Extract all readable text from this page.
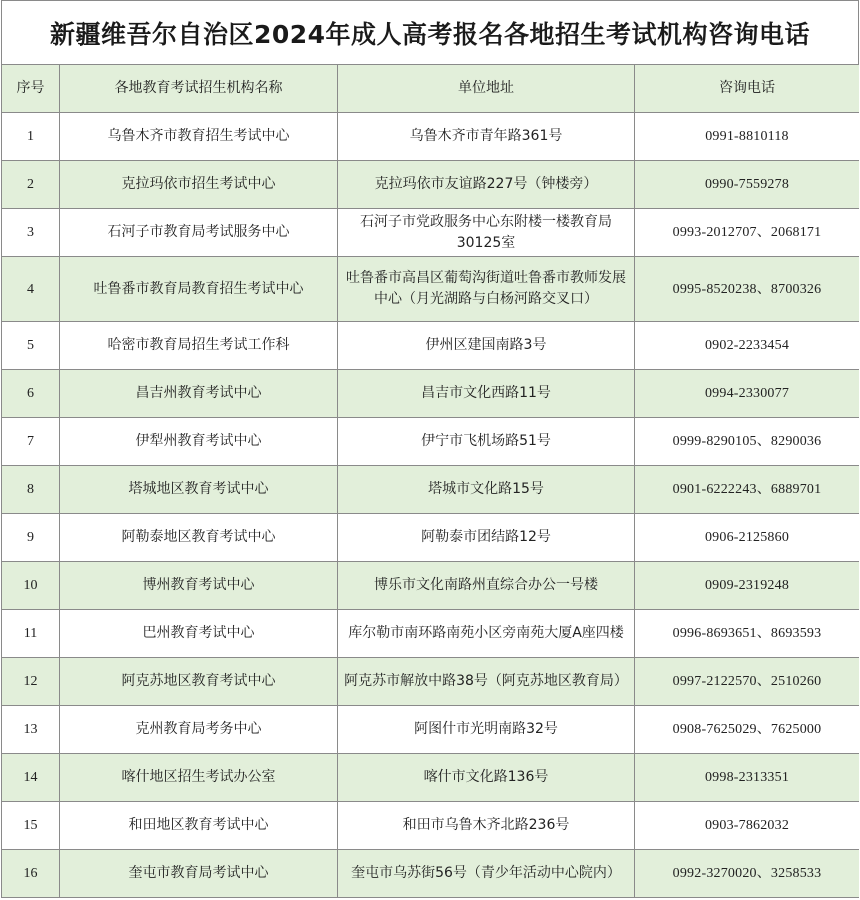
新疆维吾尔自治区2024年成人高考报名各地招生考试机构咨询电话
序号	各地教育考试招生机构名称	单位地址	咨询电话
1	乌鲁木齐市教育招生考试中心	乌鲁木齐市青年路361号	0991-8810118
2	克拉玛依市招生考试中心	克拉玛依市友谊路227号（钟楼旁）	0990-7559278
3	石河子市教育局考试服务中心	石河子市党政服务中心东附楼一楼教育局30125室	0993-2012707、2068171
4	吐鲁番市教育局教育招生考试中心	吐鲁番市高昌区葡萄沟街道吐鲁番市教师发展中心（月光湖路与白杨河路交叉口）	0995-8520238、8700326
5	哈密市教育局招生考试工作科	伊州区建国南路3号	0902-2233454
6	昌吉州教育考试中心	昌吉市文化西路11号	0994-2330077
7	伊犁州教育考试中心	伊宁市飞机场路51号	0999-8290105、8290036
8	塔城地区教育考试中心	塔城市文化路15号	0901-6222243、6889701
9	阿勒泰地区教育考试中心	阿勒泰市团结路12号	0906-2125860
10	博州教育考试中心	博乐市文化南路州直综合办公一号楼	0909-2319248
11	巴州教育考试中心	库尔勒市南环路南苑小区旁南苑大厦A座四楼	0996-8693651、8693593
12	阿克苏地区教育考试中心	阿克苏市解放中路38号（阿克苏地区教育局）	0997-2122570、2510260
13	克州教育局考务中心	阿图什市光明南路32号	0908-7625029、7625000
14	喀什地区招生考试办公室	喀什市文化路136号	0998-2313351
15	和田地区教育考试中心	和田市乌鲁木齐北路236号	0903-7862032
16	奎屯市教育局考试中心	奎屯市乌苏街56号（青少年活动中心院内）	0992-3270020、3258533
